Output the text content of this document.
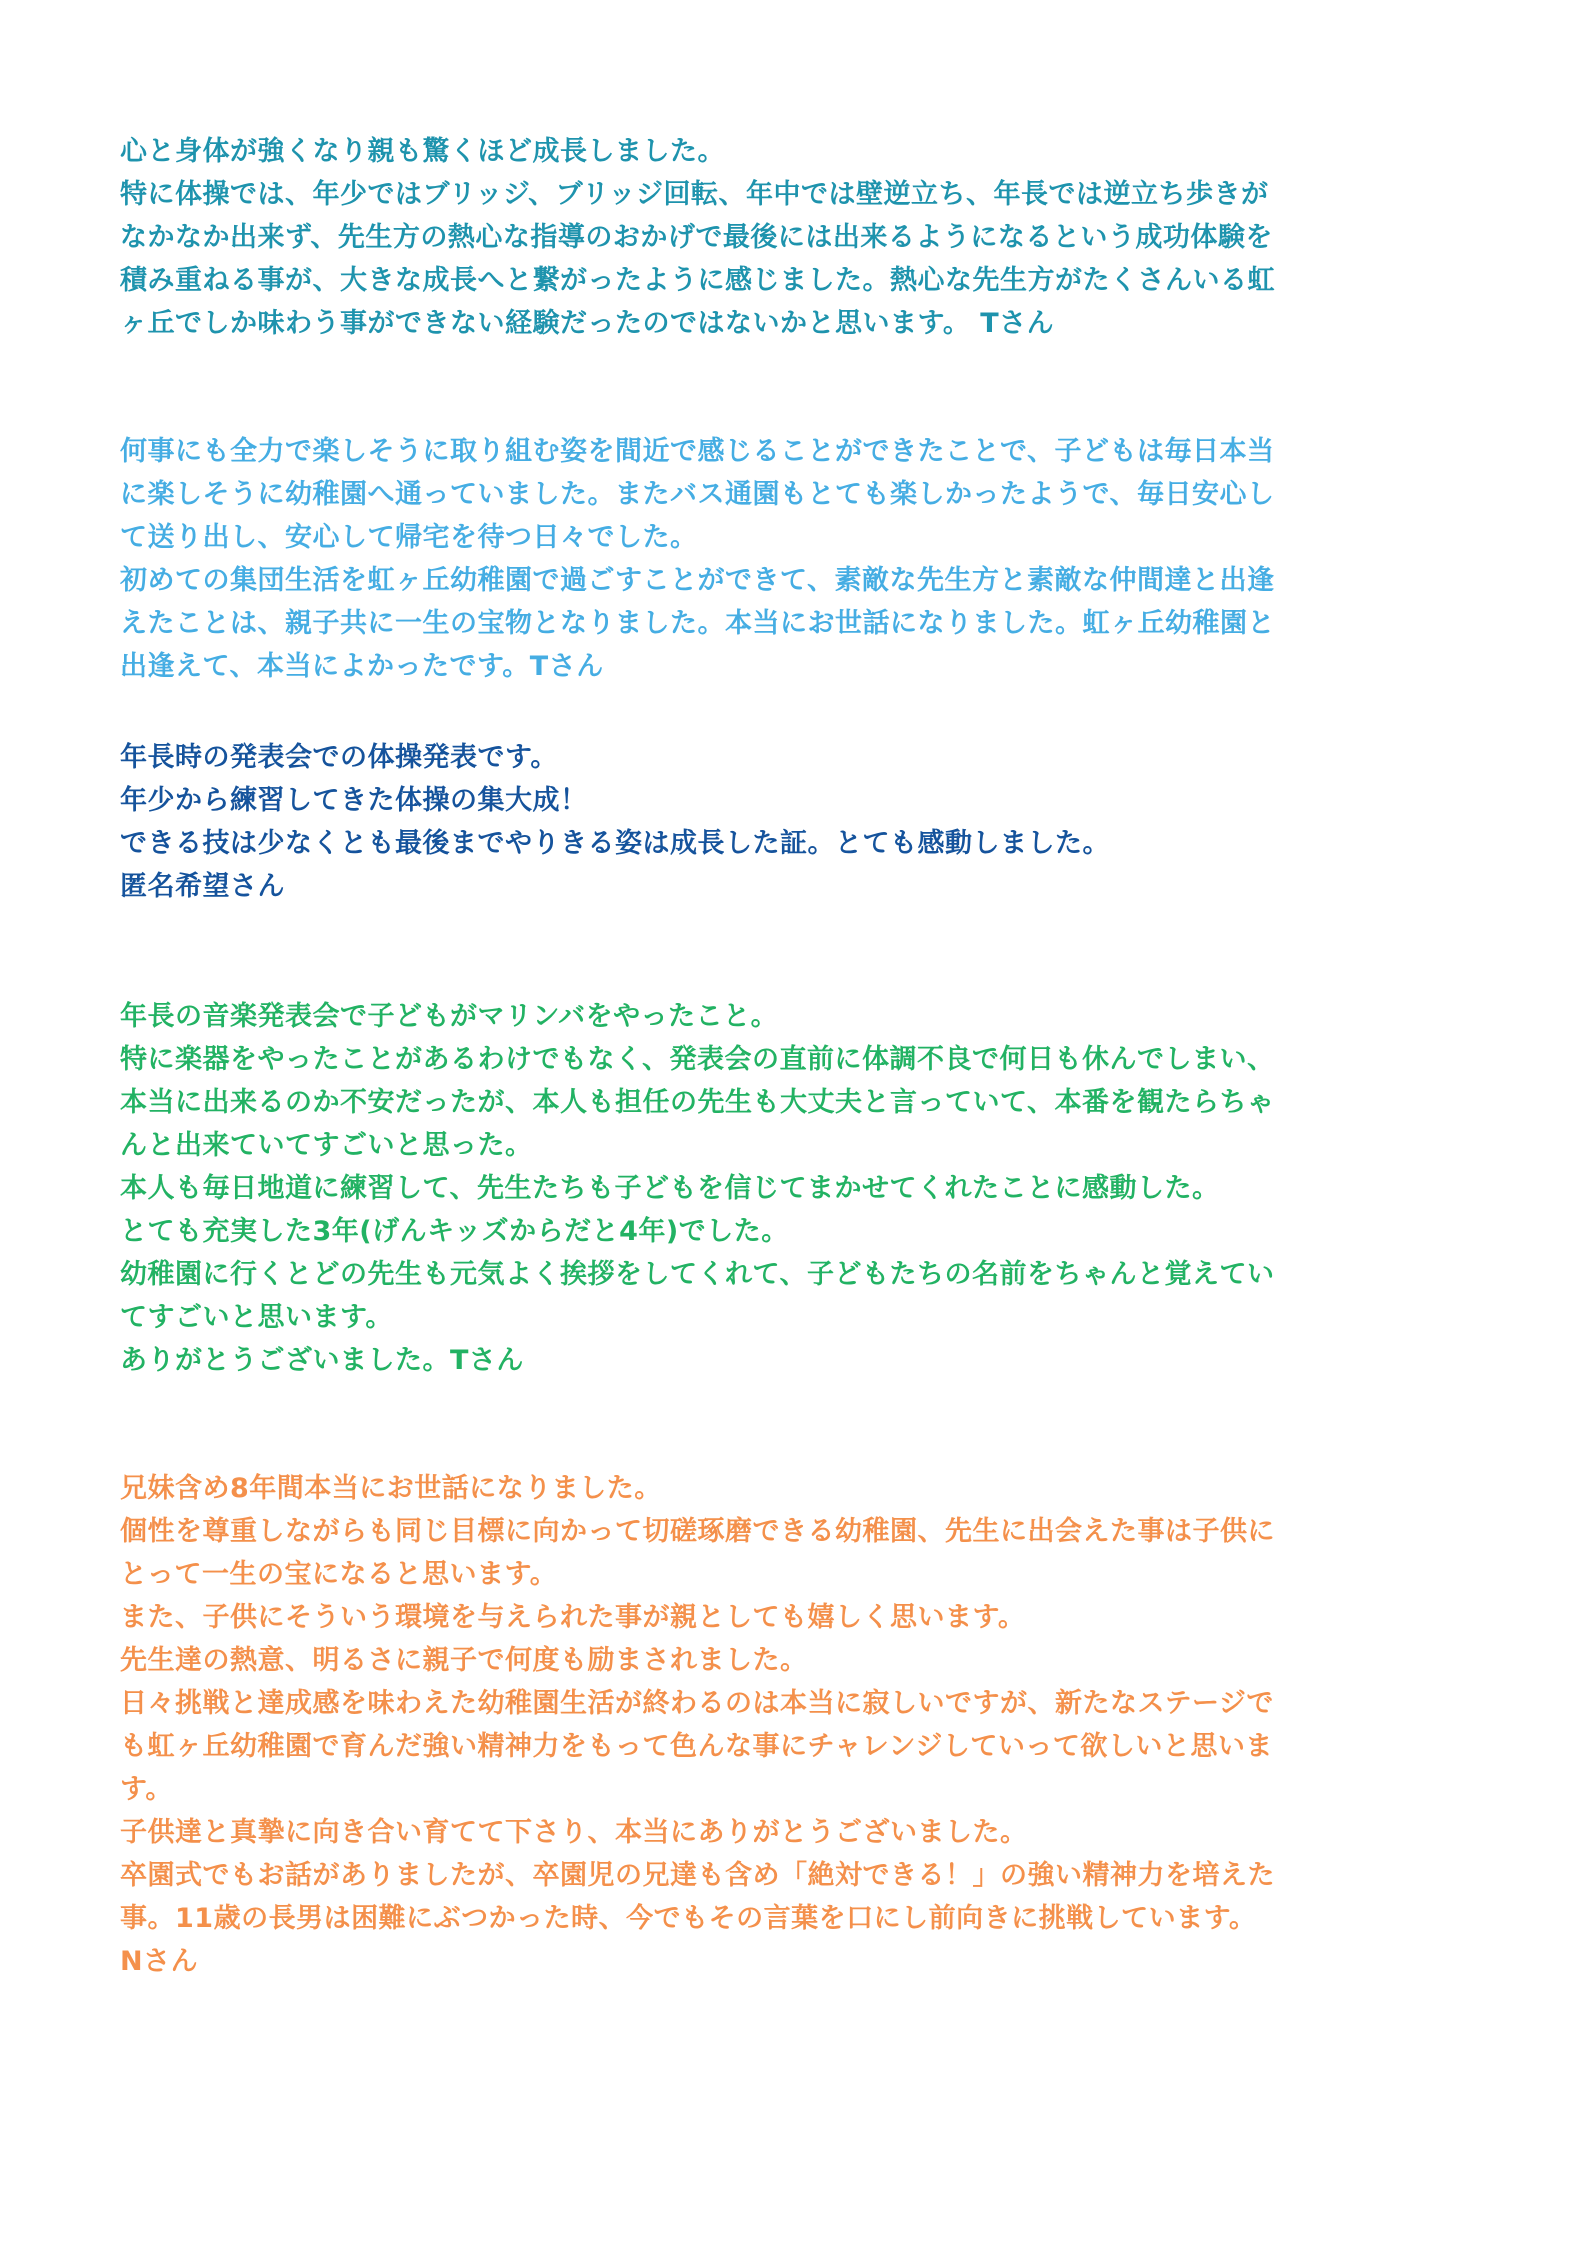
心と身体が強くなり親も驚くほど成長しました。
特に体操では、年少ではブリッジ、ブリッジ回転、年中では壁逆立ち、年長では逆立ち歩きが
なかなか出来ず、先生方の熱心な指導のおかげで最後には出来るようになるという成功体験を
積み重ねる事が、大きな成長へと繋がったように感じました。熱心な先生方がたくさんいる虹
ヶ丘でしか味わう事ができない経験だったのではないかと思います。 Tさん
何事にも全力で楽しそうに取り組む姿を間近で感じることができたことで、子どもは毎日本当
に楽しそうに幼稚園へ通っていました。またバス通園もとても楽しかったようで、毎日安心し
て送り出し、安心して帰宅を待つ日々でした。
初めての集団生活を虹ヶ丘幼稚園で過ごすことができて、素敵な先生方と素敵な仲間達と出逢
えたことは、親子共に一生の宝物となりました。本当にお世話になりました。虹ヶ丘幼稚園と
出逢えて、本当によかったです。Tさん
年長時の発表会での体操発表です。
年少から練習してきた体操の集大成！
できる技は少なくとも最後までやりきる姿は成長した証。とても感動しました。
匿名希望さん
年長の音楽発表会で子どもがマリンバをやったこと。
特に楽器をやったことがあるわけでもなく、発表会の直前に体調不良で何日も休んでしまい、
本当に出来るのか不安だったが、本人も担任の先生も大丈夫と言っていて、本番を観たらちゃ
んと出来ていてすごいと思った。
本人も毎日地道に練習して、先生たちも子どもを信じてまかせてくれたことに感動した。
とても充実した3年(げんキッズからだと4年)でした。
幼稚園に行くとどの先生も元気よく挨拶をしてくれて、子どもたちの名前をちゃんと覚えてい
てすごいと思います。
ありがとうございました。Tさん
兄妹含め8年間本当にお世話になりました。
個性を尊重しながらも同じ目標に向かって切磋琢磨できる幼稚園、先生に出会えた事は子供に
とって一生の宝になると思います。
また、子供にそういう環境を与えられた事が親としても嬉しく思います。
先生達の熱意、明るさに親子で何度も励まされました。
日々挑戦と達成感を味わえた幼稚園生活が終わるのは本当に寂しいですが、新たなステージで
も虹ヶ丘幼稚園で育んだ強い精神力をもって色んな事にチャレンジしていって欲しいと思いま
す。
子供達と真摯に向き合い育てて下さり、本当にありがとうございました。
卒園式でもお話がありましたが、卒園児の兄達も含め「絶対できる！」の強い精神力を培えた
事。11歳の長男は困難にぶつかった時、今でもその言葉を口にし前向きに挑戦しています。
Nさん
